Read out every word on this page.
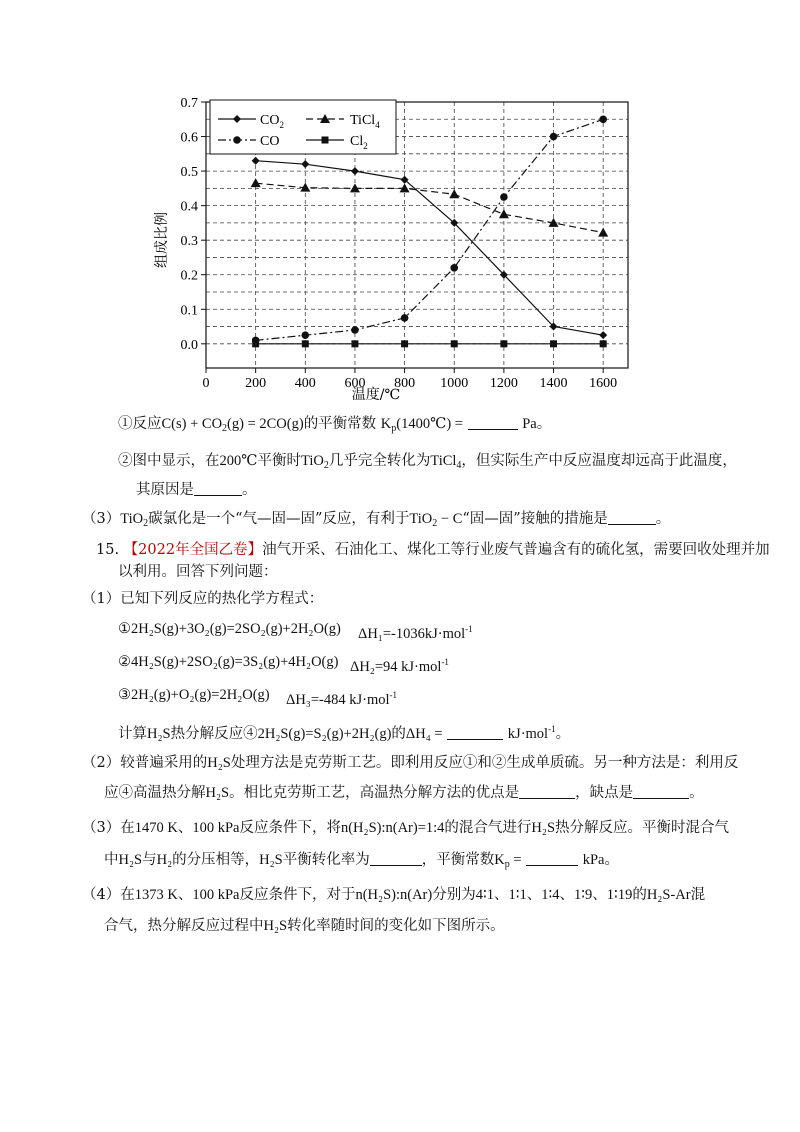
0.0
0.1
0.2
0.3
0.4
0.5
0.6
0.7
0	200 400 600 800 1000 1200 1400 1600
$CO_2$	TiCl$_4$
CO	$Cl_2$
温度/℃
组成比例
①反应$C(s) + CO_2(g) = 2CO(g)$的平衡常数 $K_p(1400℃)$ =	Pa。
②图中显示，在200℃平衡时TiO$_2$几乎完全转化为TiCl$_4$，但实际生产中反应温度却远高于此温度，
其原因是	。
（3）TiO$_2$碳氯化是一个“气—固—固”反应，有利于TiO$_2$ − C“固—固”接触的措施是	。
15. 【2022年全国乙卷】油气开采、石油化工、煤化工等行业废气普遍含有的硫化氢，需要回收处理并加
以利用。回答下列问题：
（1）已知下列反应的热化学方程式：
①2H₂S(g)+3O₂(g)=2SO₂(g)+2H₂O(g) ΔH₁=-1036kJ·mol$^{-1}$
②4H₂S(g)+2SO₂(g)=3S₂(g)+4H₂O(g) ΔH₂=94 kJ·mol$^{-1}$
③2H₂(g)+O₂(g)=2H₂O(g) ΔH₃=-484 kJ·mol$^{-1}$
计算H₂S热分解反应④2H₂S(g)=S₂(g)+2H₂(g)的ΔH₄ =	kJ·mol$^{-1}$。
（2）较普遍采用的H₂S处理方法是克劳斯工艺。即利用反应①和②生成单质硫。另一种方法是：利用反
应④高温热分解H₂S。相比克劳斯工艺，高温热分解方法的优点是	，缺点是	。
（3）在1470 K、100 kPa反应条件下，将n(H₂S):n(Ar)=1:4的混合气进行H₂S热分解反应。平衡时混合气
中H₂S与H₂的分压相等，H₂S平衡转化率为	，平衡常数$K_p$ =	kPa。
（4）在1373 K、100 kPa反应条件下，对于n(H₂S):n(Ar)分别为4∶1、1∶1、1∶4、1∶9、1∶19的H₂S-Ar混
合气，热分解反应过程中H₂S转化率随时间的变化如下图所示。
